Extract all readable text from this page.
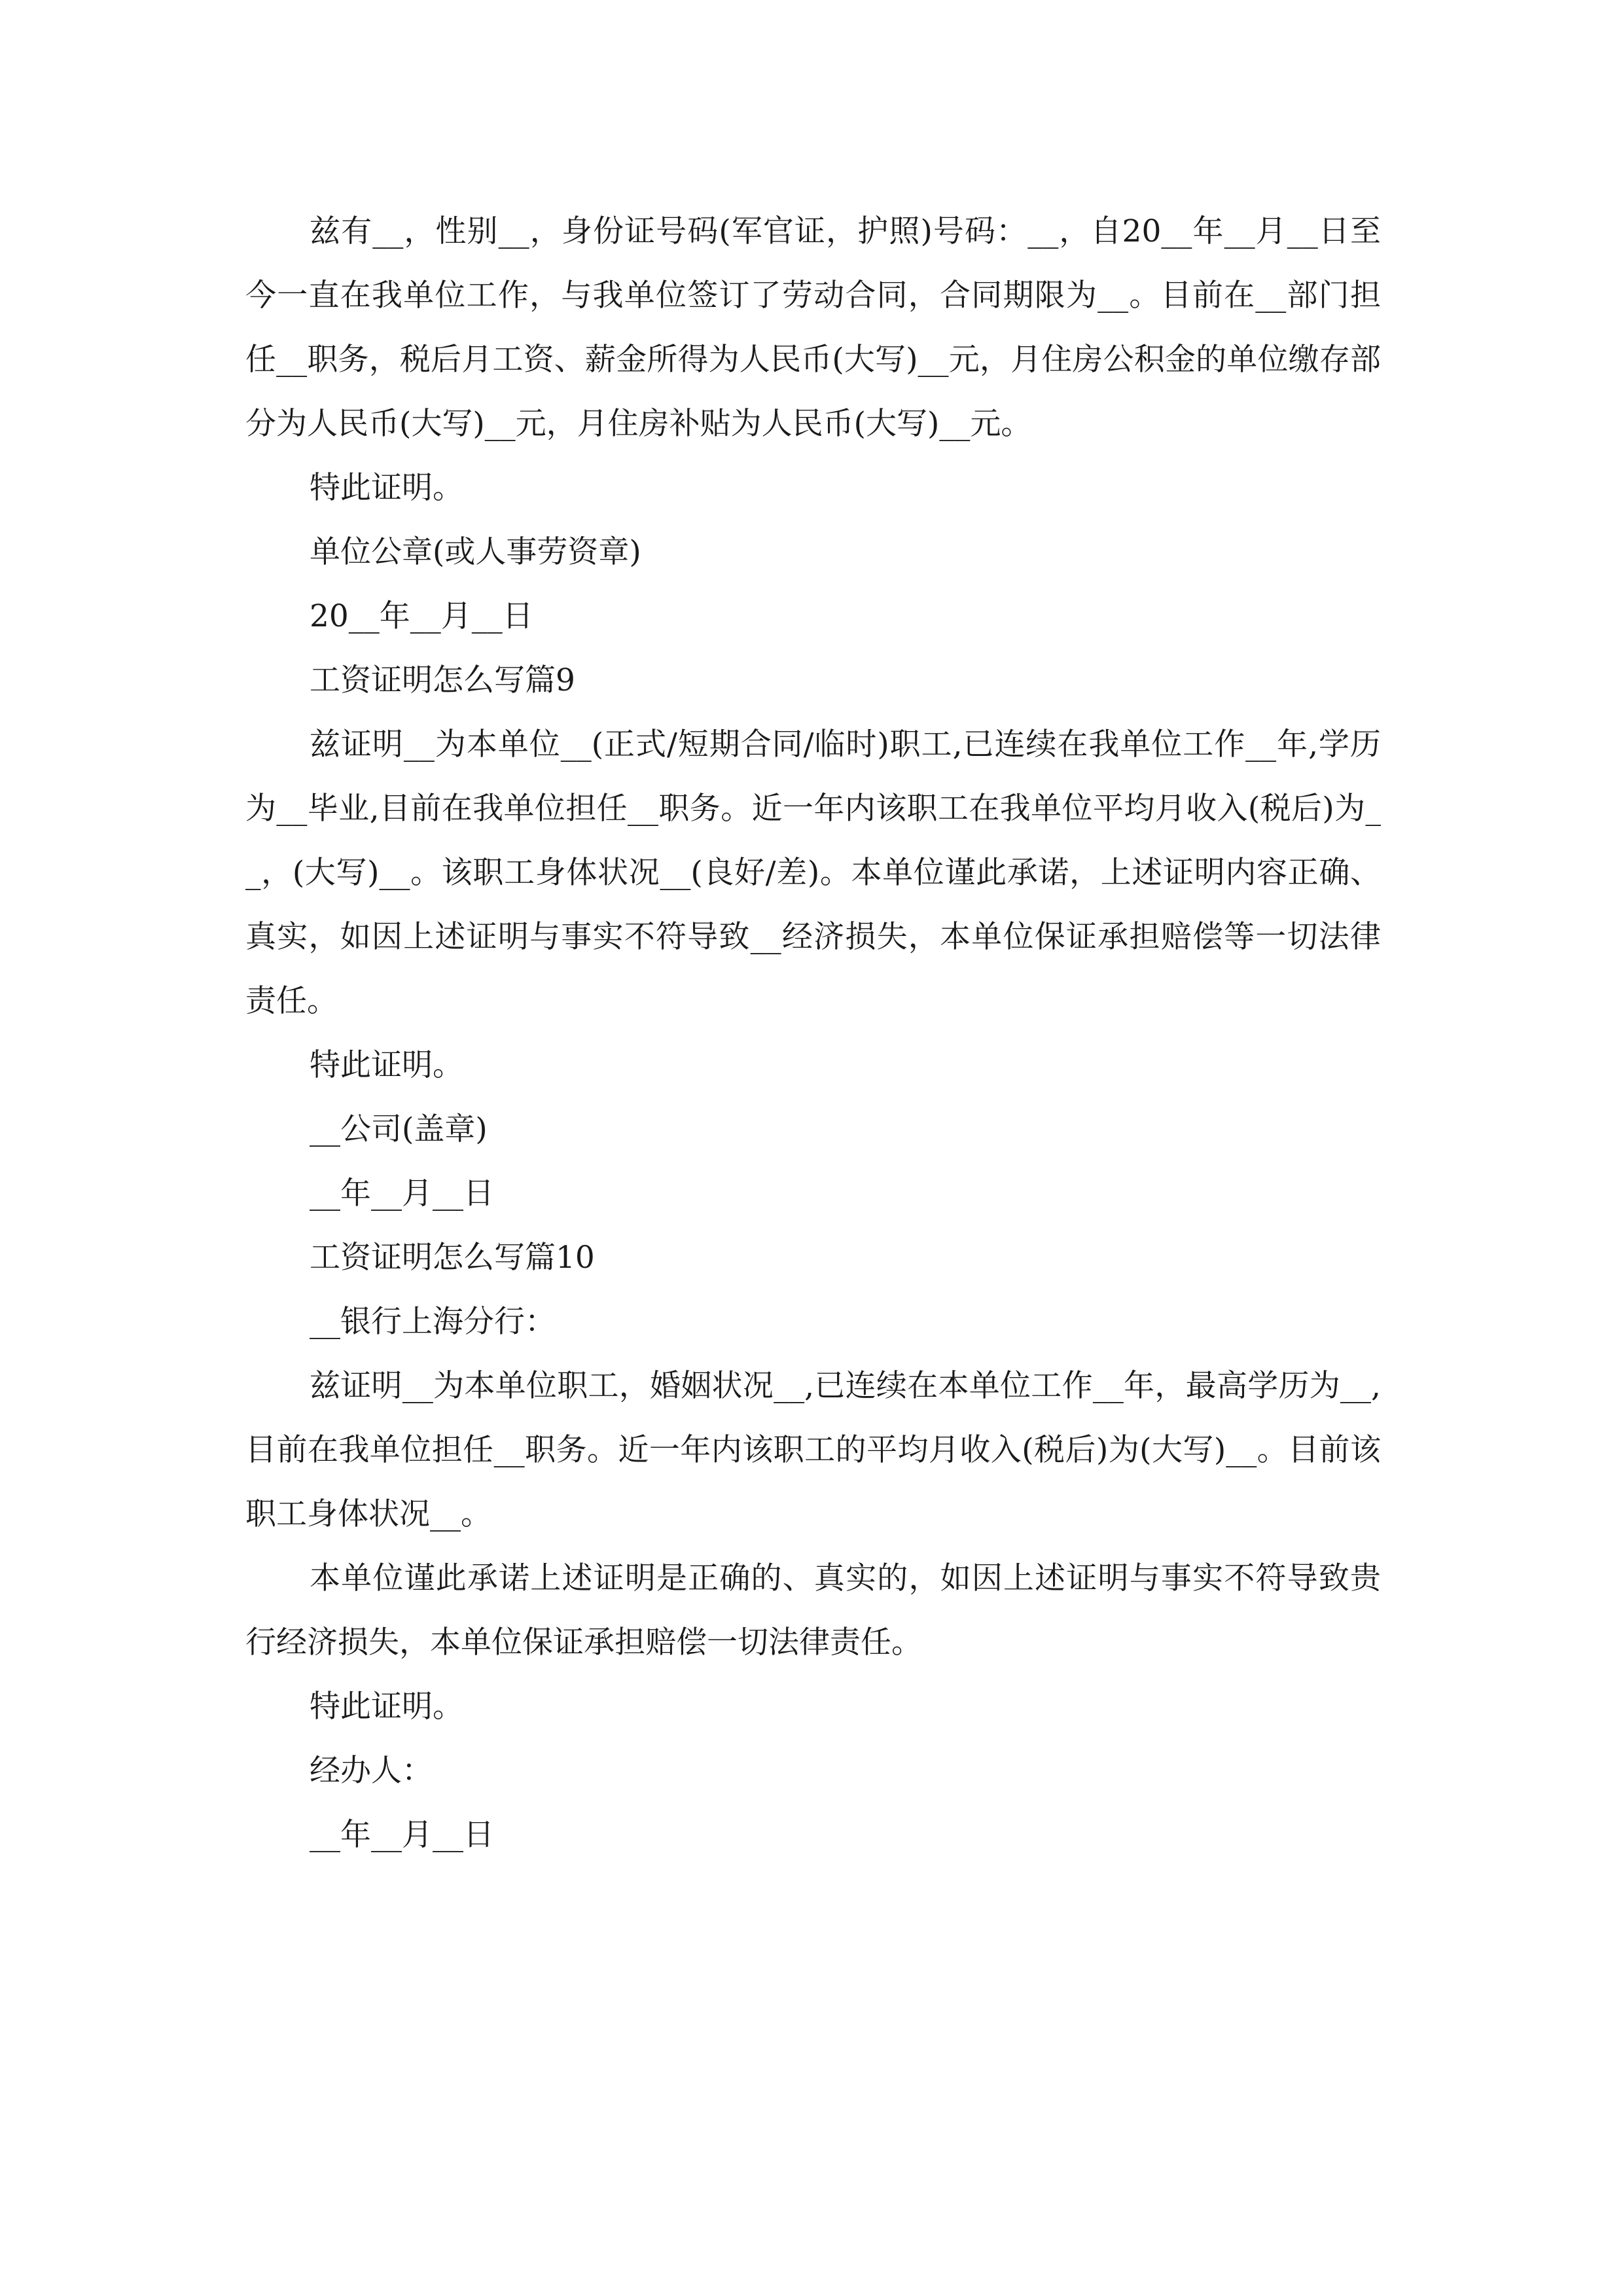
兹有__，性别__，身份证号码(军官证，护照)号码：__，自20__年__月__日至今一直在我单位工作，与我单位签订了劳动合同，合同期限为__。目前在__部门担任__职务，税后月工资、薪金所得为人民币(大写)__元，月住房公积金的单位缴存部分为人民币(大写)__元，月住房补贴为人民币(大写)__元。

特此证明。

单位公章(或人事劳资章)

20__年__月__日

工资证明怎么写篇9

兹证明__为本单位__(正式/短期合同/临时)职工,已连续在我单位工作__年,学历为__毕业,目前在我单位担任__职务。近一年内该职工在我单位平均月收入(税后)为__，(大写)__。该职工身体状况__(良好/差)。本单位谨此承诺，上述证明内容正确、真实，如因上述证明与事实不符导致__经济损失，本单位保证承担赔偿等一切法律责任。

特此证明。

__公司(盖章)

__年__月__日

工资证明怎么写篇10

__银行上海分行：

兹证明__为本单位职工，婚姻状况__,已连续在本单位工作__年，最高学历为__,目前在我单位担任__职务。近一年内该职工的平均月收入(税后)为(大写)__。目前该职工身体状况__。

本单位谨此承诺上述证明是正确的、真实的，如因上述证明与事实不符导致贵行经济损失，本单位保证承担赔偿一切法律责任。

特此证明。

经办人：

__年__月__日
